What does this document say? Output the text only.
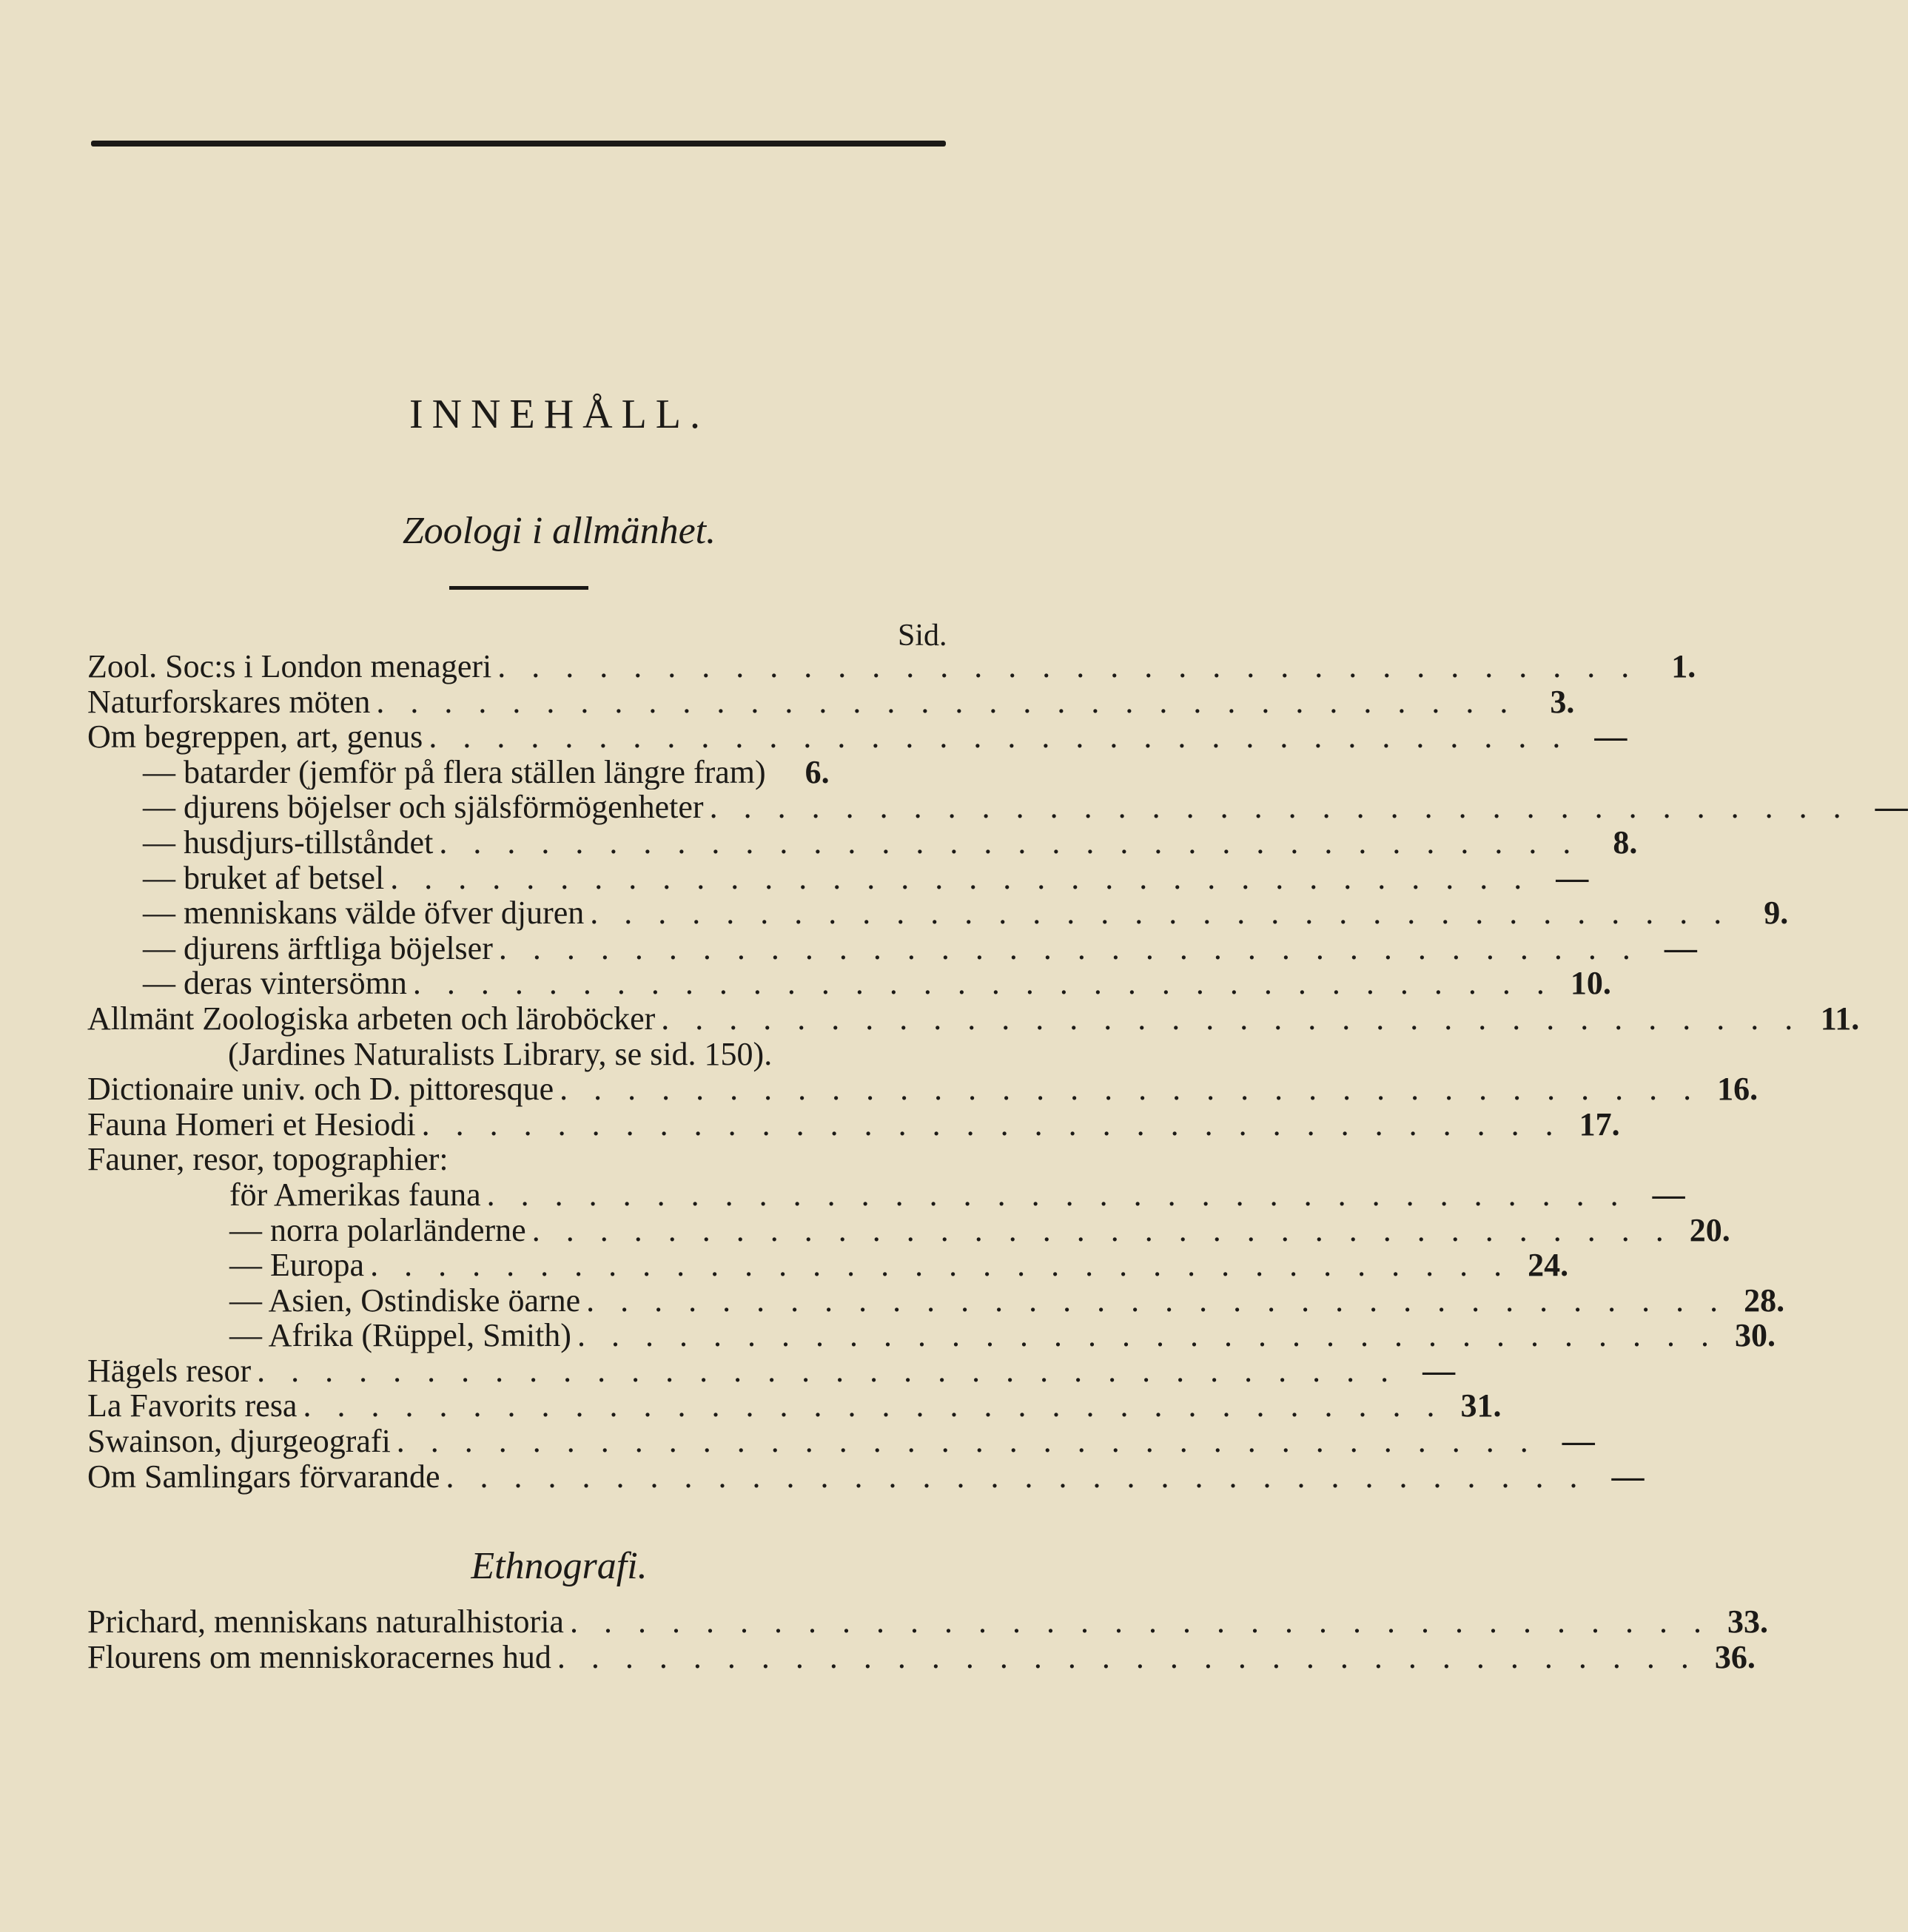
INNEHÅLL.
Zoologi i allmänhet.
Sid.
Zool. Soc:s i London menageri . . . . . . . . . . . . . . . . . . . . . . . . . . . . . . . . . .	1.
Naturforskares möten . . . . . . . . . . . . . . . . . . . . . . . . . . . . . . . . . .	3.
Om begreppen, art, genus . . . . . . . . . . . . . . . . . . . . . . . . . . . . . . . . . . —
— batarder (jemför på flera ställen längre fram)	6.
— djurens böjelser och själsförmögenheter . . . . . . . . . . . . . . . . . . . . . . . . . . . . . . . . . . —
— husdjurs-tillståndet . . . . . . . . . . . . . . . . . . . . . . . . . . . . . . . . . .	8.
— bruket af betsel . . . . . . . . . . . . . . . . . . . . . . . . . . . . . . . . . . —
— menniskans välde öfver djuren . . . . . . . . . . . . . . . . . . . . . . . . . . . . . . . . . .	9.
— djurens ärftliga böjelser . . . . . . . . . . . . . . . . . . . . . . . . . . . . . . . . . . —
— deras vintersömn . . . . . . . . . . . . . . . . . . . . . . . . . . . . . . . . . . 10.
Allmänt Zoologiska arbeten och läroböcker . . . . . . . . . . . . . . . . . . . . . . . . . . . . . . . . . . 11.
(Jardines Naturalists Library, se sid. 150).
Dictionaire univ. och D. pittoresque . . . . . . . . . . . . . . . . . . . . . . . . . . . . . . . . . . 16.
Fauna Homeri et Hesiodi . . . . . . . . . . . . . . . . . . . . . . . . . . . . . . . . . . 17.
Fauner, resor, topographier:
för Amerikas fauna . . . . . . . . . . . . . . . . . . . . . . . . . . . . . . . . . . —
— norra polarländerne . . . . . . . . . . . . . . . . . . . . . . . . . . . . . . . . . . 20.
— Europa . . . . . . . . . . . . . . . . . . . . . . . . . . . . . . . . . . 24.
— Asien, Ostindiske öarne . . . . . . . . . . . . . . . . . . . . . . . . . . . . . . . . . . 28.
— Afrika (Rüppel, Smith) . . . . . . . . . . . . . . . . . . . . . . . . . . . . . . . . . . 30.
Hägels resor . . . . . . . . . . . . . . . . . . . . . . . . . . . . . . . . . . —
La Favorits resa . . . . . . . . . . . . . . . . . . . . . . . . . . . . . . . . . . 31.
Swainson, djurgeografi . . . . . . . . . . . . . . . . . . . . . . . . . . . . . . . . . . —
Om Samlingars förvarande . . . . . . . . . . . . . . . . . . . . . . . . . . . . . . . . . . —
Ethnografi.
Prichard, menniskans naturalhistoria . . . . . . . . . . . . . . . . . . . . . . . . . . . . . . . . . . 33.
Flourens om menniskoracernes hud . . . . . . . . . . . . . . . . . . . . . . . . . . . . . . . . . . 36.
